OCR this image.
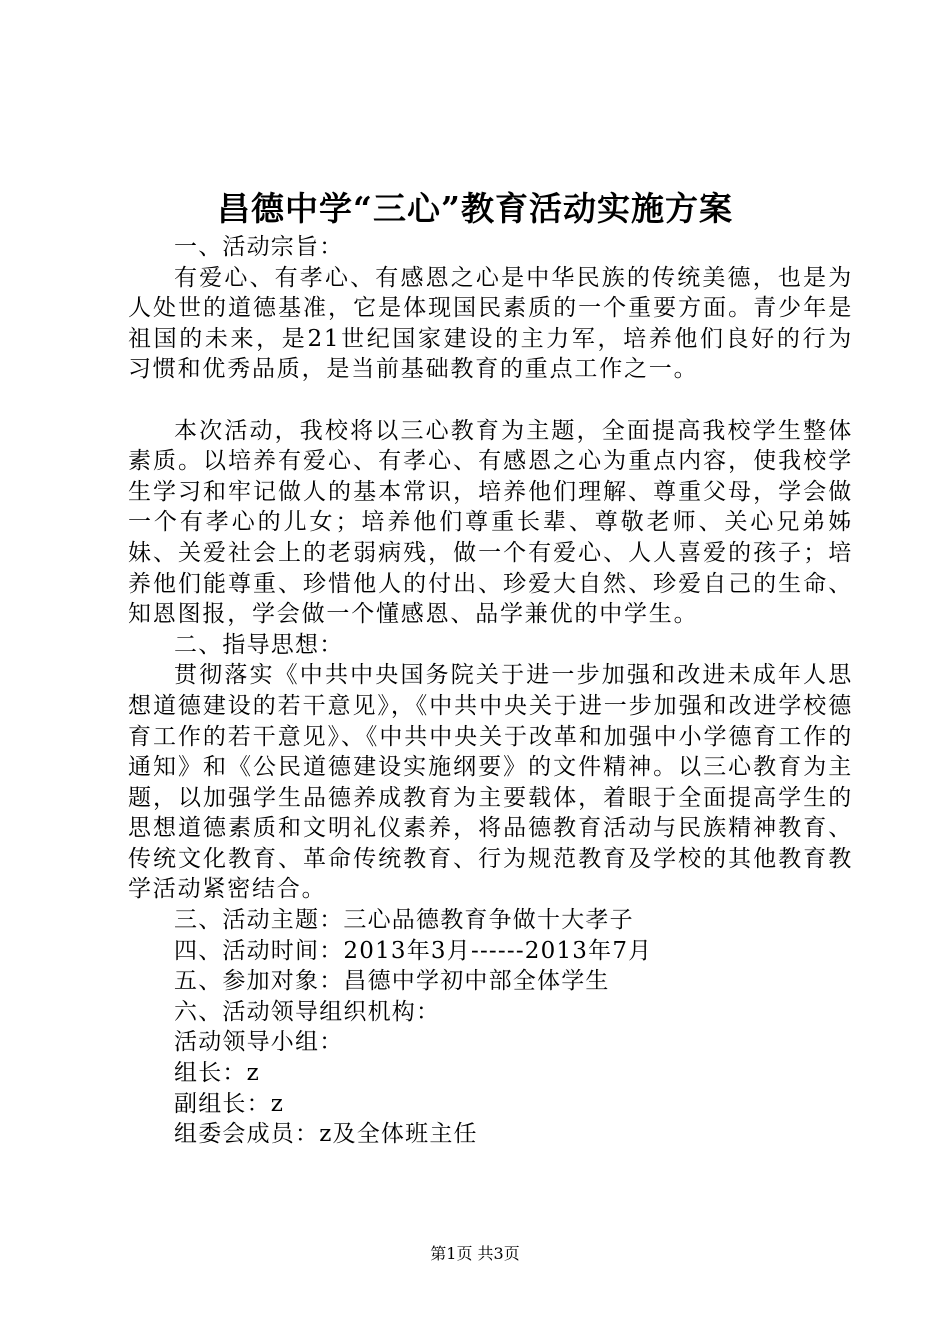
昌德中学“三心”教育活动实施方案

一、活动宗旨：

有爱心、有孝心、有感恩之心是中华民族的传统美德，也是为人处世的道德基准，它是体现国民素质的一个重要方面。青少年是祖国的未来，是21世纪国家建设的主力军，培养他们良好的行为习惯和优秀品质，是当前基础教育的重点工作之一。

本次活动，我校将以三心教育为主题，全面提高我校学生整体素质。以培养有爱心、有孝心、有感恩之心为重点内容，使我校学生学习和牢记做人的基本常识，培养他们理解、尊重父母，学会做一个有孝心的儿女；培养他们尊重长辈、尊敬老师、关心兄弟姊妹、关爱社会上的老弱病残，做一个有爱心、人人喜爱的孩子；培养他们能尊重、珍惜他人的付出、珍爱大自然、珍爱自己的生命、知恩图报，学会做一个懂感恩、品学兼优的中学生。

二、指导思想：

贯彻落实《中共中央国务院关于进一步加强和改进未成年人思想道德建设的若干意见》，《中共中央关于进一步加强和改进学校德育工作的若干意见》、《中共中央关于改革和加强中小学德育工作的通知》和《公民道德建设实施纲要》的文件精神。以三心教育为主题，以加强学生品德养成教育为主要载体，着眼于全面提高学生的思想道德素质和文明礼仪素养，将品德教育活动与民族精神教育、传统文化教育、革命传统教育、行为规范教育及学校的其他教育教学活动紧密结合。

三、活动主题：三心品德教育争做十大孝子

四、活动时间：2013年3月------2013年7月

五、参加对象：昌德中学初中部全体学生

六、活动领导组织机构：

活动领导小组：

组长：z

副组长：z

组委会成员：z及全体班主任

第1页 共3页
